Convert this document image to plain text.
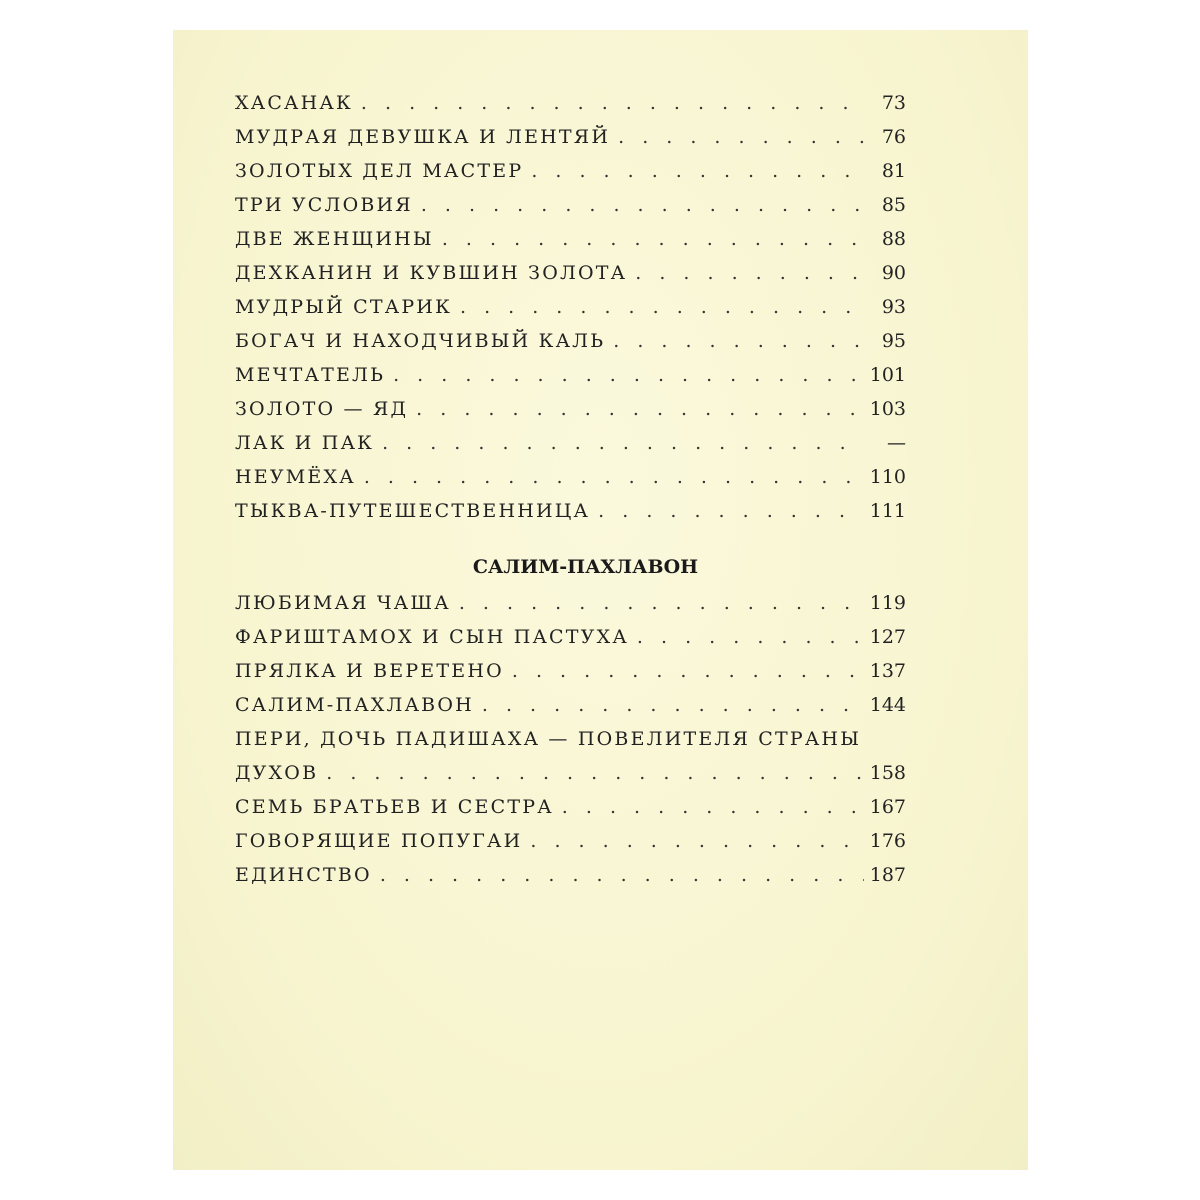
ХАСАНАК . . .	73
МУДРАЯ ДЕВУШКА И ЛЕНТЯЙ . . .	76
ЗОЛОТЫХ ДЕЛ МАСТЕР . . .	81
ТРИ УСЛОВИЯ . . .	85
ДВЕ ЖЕНЩИНЫ . . .	88
ДЕХКАНИН И КУВШИН ЗОЛОТА . . .	90
МУДРЫЙ СТАРИК . . .	93
БОГАЧ И НАХОДЧИВЫЙ КАЛЬ . . .	95
МЕЧТАТЕЛЬ . . .	101
ЗОЛОТО — ЯД . . .	103
ЛАК И ПАК . . .	—
НЕУМЁХА . . .	110
ТЫКВА-ПУТЕШЕСТВЕННИЦА . . .	111
САЛИМ-ПАХЛАВОН
ЛЮБИМАЯ ЧАША . . .	119
ФАРИШТАМОХ И СЫН ПАСТУХА . . .	127
ПРЯЛКА И ВЕРЕТЕНО . . .	137
САЛИМ-ПАХЛАВОН . . .	144
ПЕРИ, ДОЧЬ ПАДИШАХА — ПОВЕЛИТЕЛЯ СТРАНЫ
ДУХОВ . . .	158
СЕМЬ БРАТЬЕВ И СЕСТРА . . .	167
ГОВОРЯЩИЕ ПОПУГАИ . . .	176
ЕДИНСТВО . . .	187
